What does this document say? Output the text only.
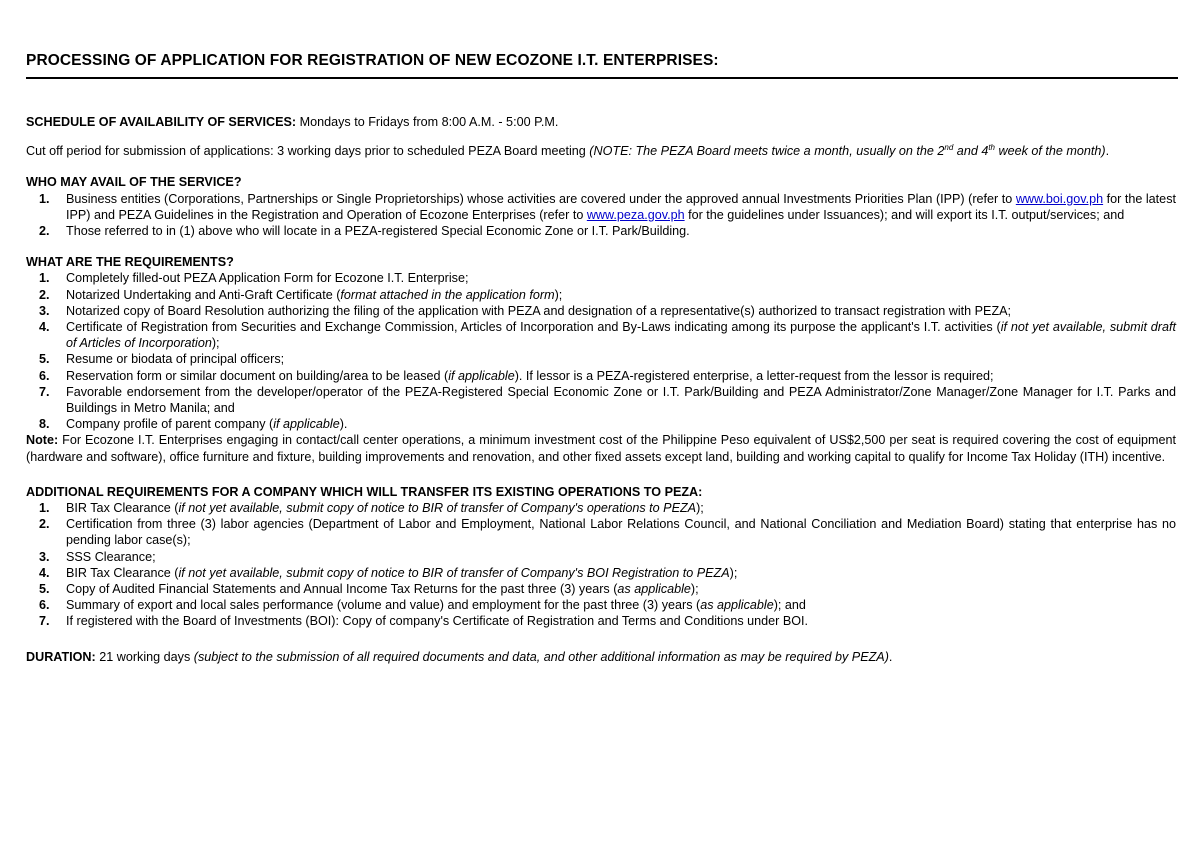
PROCESSING OF APPLICATION FOR REGISTRATION OF NEW ECOZONE I.T. ENTERPRISES:

SCHEDULE OF AVAILABILITY OF SERVICES: Mondays to Fridays from 8:00 A.M. - 5:00 P.M.

Cut off period for submission of applications: 3 working days prior to scheduled PEZA Board meeting (NOTE: The PEZA Board meets twice a month, usually on the 2nd and 4th week of the month).

WHO MAY AVAIL OF THE SERVICE?

1. Business entities (Corporations, Partnerships or Single Proprietorships) whose activities are covered under the approved annual Investments Priorities Plan (IPP) (refer to www.boi.gov.ph for the latest IPP) and PEZA Guidelines in the Registration and Operation of Ecozone Enterprises (refer to www.peza.gov.ph for the guidelines under Issuances); and will export its I.T. output/services; and
2. Those referred to in (1) above who will locate in a PEZA-registered Special Economic Zone or I.T. Park/Building.

WHAT ARE THE REQUIREMENTS?

1. Completely filled-out PEZA Application Form for Ecozone I.T. Enterprise;
2. Notarized Undertaking and Anti-Graft Certificate (format attached in the application form);
3. Notarized copy of Board Resolution authorizing the filing of the application with PEZA and designation of a representative(s) authorized to transact registration with PEZA;
4. Certificate of Registration from Securities and Exchange Commission, Articles of Incorporation and By-Laws indicating among its purpose the applicant's I.T. activities (if not yet available, submit draft of Articles of Incorporation);
5. Resume or biodata of principal officers;
6. Reservation form or similar document on building/area to be leased (if applicable). If lessor is a PEZA-registered enterprise, a letter-request from the lessor is required;
7. Favorable endorsement from the developer/operator of the PEZA-Registered Special Economic Zone or I.T. Park/Building and PEZA Administrator/Zone Manager/Zone Manager for I.T. Parks and Buildings in Metro Manila; and
8. Company profile of parent company (if applicable).

Note: For Ecozone I.T. Enterprises engaging in contact/call center operations, a minimum investment cost of the Philippine Peso equivalent of US$2,500 per seat is required covering the cost of equipment (hardware and software), office furniture and fixture, building improvements and renovation, and other fixed assets except land, building and working capital to qualify for Income Tax Holiday (ITH) incentive.

ADDITIONAL REQUIREMENTS FOR A COMPANY WHICH WILL TRANSFER ITS EXISTING OPERATIONS TO PEZA:

1. BIR Tax Clearance (if not yet available, submit copy of notice to BIR of transfer of Company's operations to PEZA);
2. Certification from three (3) labor agencies (Department of Labor and Employment, National Labor Relations Council, and National Conciliation and Mediation Board) stating that enterprise has no pending labor case(s);
3. SSS Clearance;
4. BIR Tax Clearance (if not yet available, submit copy of notice to BIR of transfer of Company's BOI Registration to PEZA);
5. Copy of Audited Financial Statements and Annual Income Tax Returns for the past three (3) years (as applicable);
6. Summary of export and local sales performance (volume and value) and employment for the past three (3) years (as applicable); and
7. If registered with the Board of Investments (BOI): Copy of company's Certificate of Registration and Terms and Conditions under BOI.

DURATION: 21 working days (subject to the submission of all required documents and data, and other additional information as may be required by PEZA).
